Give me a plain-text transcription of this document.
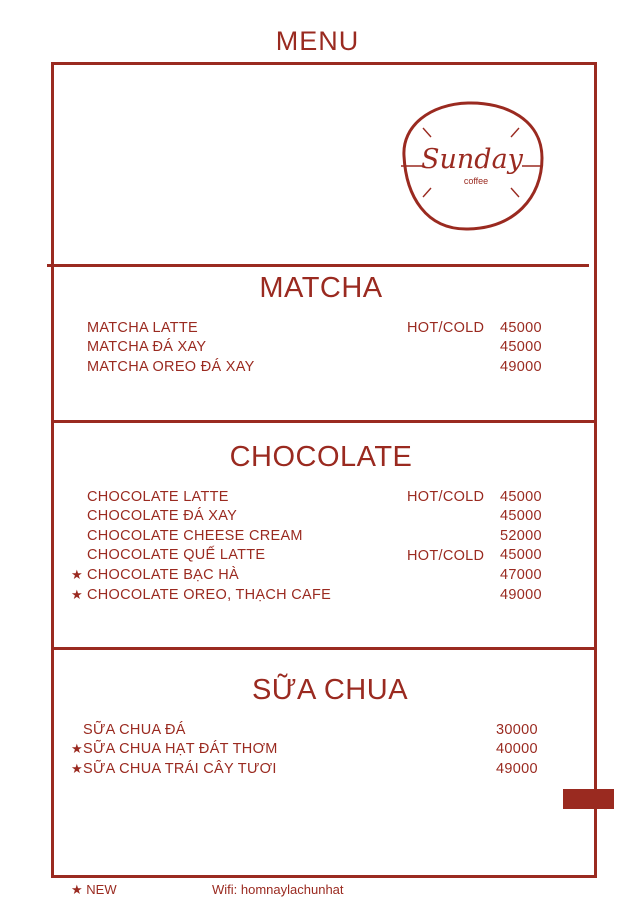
MENU
Sunday
coffee
MATCHA
MATCHA LATTE	HOT/COLD 45000
MATCHA ĐÁ XAY	45000
MATCHA OREO ĐÁ XAY	49000
CHOCOLATE
CHOCOLATE LATTE	HOT/COLD 45000
CHOCOLATE ĐÁ XAY	45000
CHOCOLATE CHEESE CREAM	52000
CHOCOLATE QUẾ LATTE	HOT/COLD 45000
★ CHOCOLATE BẠC HÀ	47000
★ CHOCOLATE OREO, THẠCH CAFE	49000
SỮA CHUA
SỮA CHUA ĐÁ	30000
★ SỮA CHUA HẠT ĐÁT THƠM	40000
★ SỮA CHUA TRÁI CÂY TƯƠI	49000
★ NEW	Wifi: homnaylachunhat
